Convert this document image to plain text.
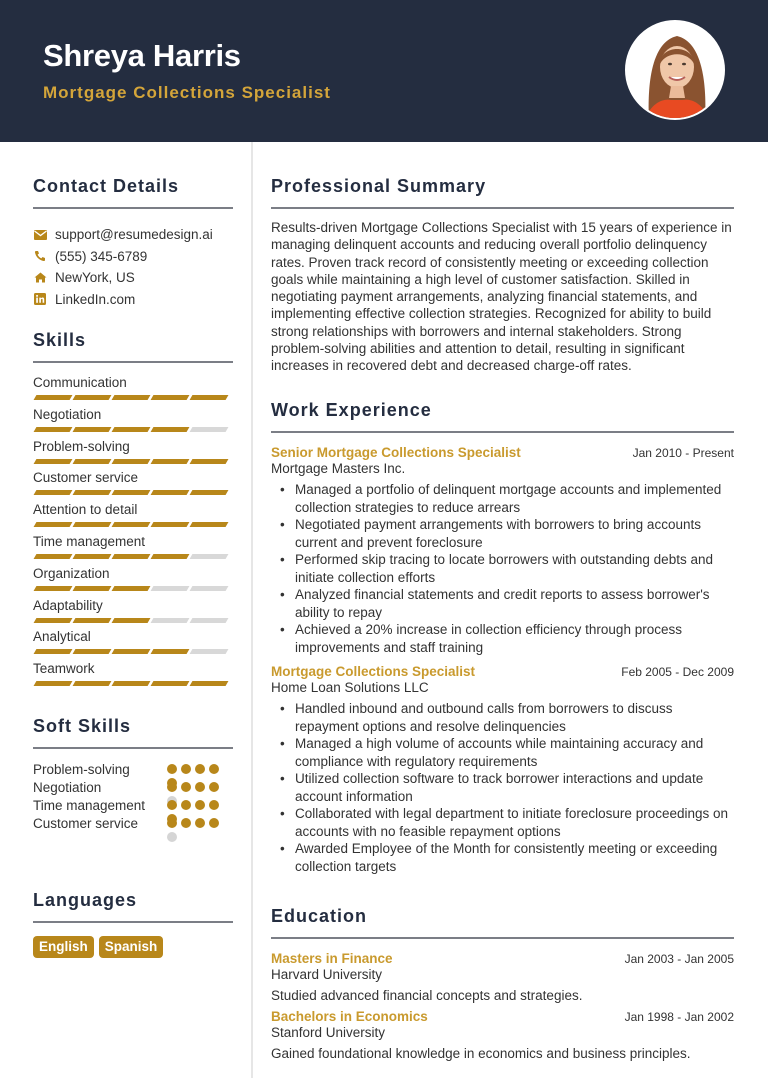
Shreya Harris
Mortgage Collections Specialist
Contact Details
support@resumedesign.ai
(555) 345-6789
NewYork, US
LinkedIn.com
Skills
Communication
Negotiation
Problem-solving
Customer service
Attention to detail
Time management
Organization
Adaptability
Analytical
Teamwork
Soft Skills
Problem-solving
Negotiation
Time management
Customer service
Languages
English	Spanish
Professional Summary

Results-driven Mortgage Collections Specialist with 15 years of experience in managing delinquent accounts and reducing overall portfolio delinquency rates. Proven track record of consistently meeting or exceeding collection goals while maintaining a high level of customer satisfaction. Skilled in negotiating payment arrangements, analyzing financial statements, and implementing effective collection strategies. Recognized for ability to build strong relationships with borrowers and internal stakeholders. Strong problem-solving abilities and attention to detail, resulting in significant increases in recovered debt and decreased charge-off rates.

Work Experience
Senior Mortgage Collections Specialist	Jan 2010 - Present
Mortgage Masters Inc.
• Managed a portfolio of delinquent mortgage accounts and implemented collection strategies to reduce arrears
• Negotiated payment arrangements with borrowers to bring accounts current and prevent foreclosure
• Performed skip tracing to locate borrowers with outstanding debts and initiate collection efforts
• Analyzed financial statements and credit reports to assess borrower's ability to repay
• Achieved a 20% increase in collection efficiency through process improvements and staff training
Mortgage Collections Specialist	Feb 2005 - Dec 2009
Home Loan Solutions LLC
• Handled inbound and outbound calls from borrowers to discuss repayment options and resolve delinquencies
• Managed a high volume of accounts while maintaining accuracy and compliance with regulatory requirements
• Utilized collection software to track borrower interactions and update account information
• Collaborated with legal department to initiate foreclosure proceedings on accounts with no feasible repayment options
• Awarded Employee of the Month for consistently meeting or exceeding collection targets
Education
Masters in Finance	Jan 2003 - Jan 2005
Harvard University
Studied advanced financial concepts and strategies.
Bachelors in Economics	Jan 1998 - Jan 2002
Stanford University
Gained foundational knowledge in economics and business principles.
